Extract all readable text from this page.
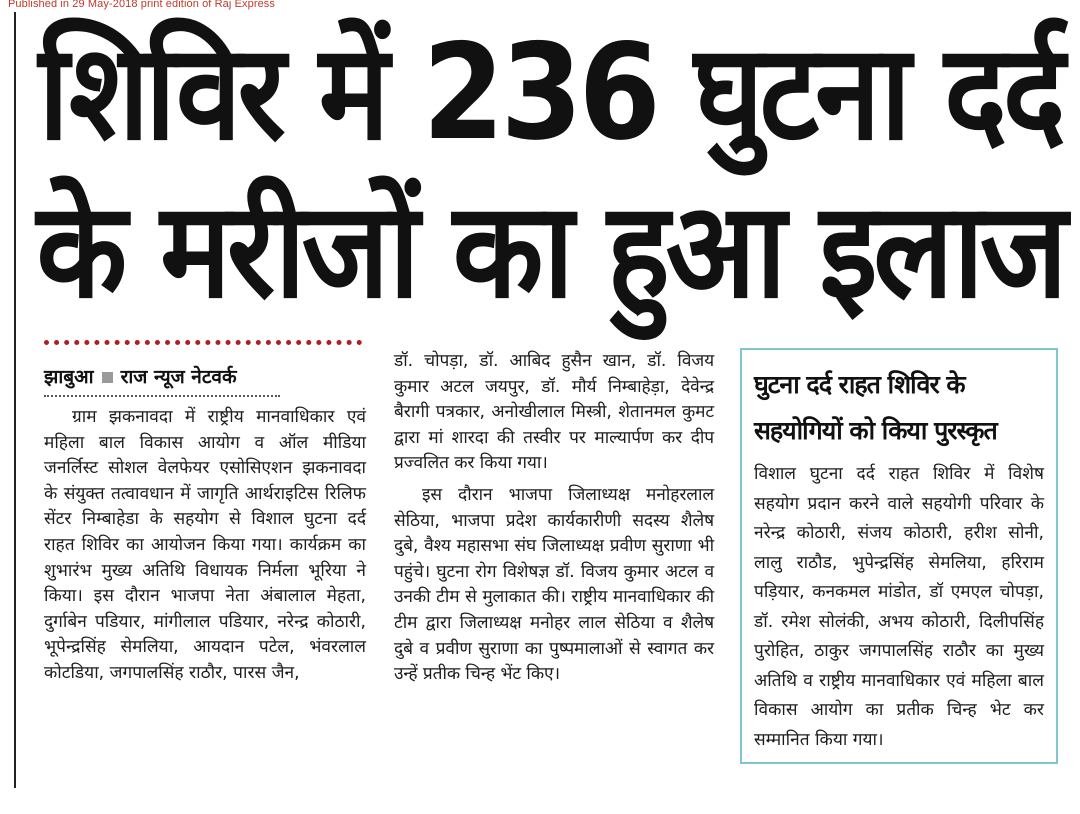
Published in 29 May-2018 print edition of Raj Express
शिविर में 236 घुटना दर्द
के मरीजों का हुआ इलाज
झाबुआ राज न्यूज नेटवर्क

ग्राम झकनावदा में राष्ट्रीय मानवाधिकार एवं महिला बाल विकास आयोग व ऑल मीडिया जनर्लिस्ट सोशल वेलफेयर एसोसिएशन झकनावदा के संयुक्त तत्वावधान में जागृति आर्थराइटिस रिलिफ सेंटर निम्बाहेडा के सहयोग से विशाल घुटना दर्द राहत शिविर का आयोजन किया गया। कार्यक्रम का शुभारंभ मुख्य अतिथि विधायक निर्मला भूरिया ने किया। इस दौरान भाजपा नेता अंबालाल मेहता, दुर्गाबेन पडियार, मांगीलाल पडियार, नरेन्द्र कोठारी, भूपेन्द्रसिंह सेमलिया, आयदान पटेल, भंवरलाल कोटडिया, जगपालसिंह राठौर, पारस जैन,

डॉ. चोपड़ा, डॉ. आबिद हुसैन खान, डॉ. विजय कुमार अटल जयपुर, डॉ. मौर्य निम्बाहेड़ा, देवेन्द्र बैरागी पत्रकार, अनोखीलाल मिस्त्री, शेतानमल कुमट द्वारा मां शारदा की तस्वीर पर माल्यार्पण कर दीप प्रज्वलित कर किया गया।

इस दौरान भाजपा जिलाध्यक्ष मनोहरलाल सेठिया, भाजपा प्रदेश कार्यकारीणी सदस्य शैलेष दुबे, वैश्य महासभा संघ जिलाध्यक्ष प्रवीण सुराणा भी पहुंचे। घुटना रोग विशेषज्ञ डॉ. विजय कुमार अटल व उनकी टीम से मुलाकात की। राष्ट्रीय मानवाधिकार की टीम द्वारा जिलाध्यक्ष मनोहर लाल सेठिया व शैलेष दुबे व प्रवीण सुराणा का पुष्पमालाओं से स्वागत कर उन्हें प्रतीक चिन्ह भेंट किए।

घुटना दर्द राहत शिविर के सहयोगियों को किया पुरस्कृत

विशाल घुटना दर्द राहत शिविर में विशेष सहयोग प्रदान करने वाले सहयोगी परिवार के नरेन्द्र कोठारी, संजय कोठारी, हरीश सोनी, लालु राठौड, भुपेन्द्रसिंह सेमलिया, हरिराम पड़ियार, कनकमल मांडोत, डॉ एमएल चोपड़ा, डॉ. रमेश सोलंकी, अभय कोठारी, दिलीपसिंह पुरोहित, ठाकुर जगपालसिंह राठौर का मुख्य अतिथि व राष्ट्रीय मानवाधिकार एवं महिला बाल विकास आयोग का प्रतीक चिन्ह भेट कर सम्मानित किया गया।
